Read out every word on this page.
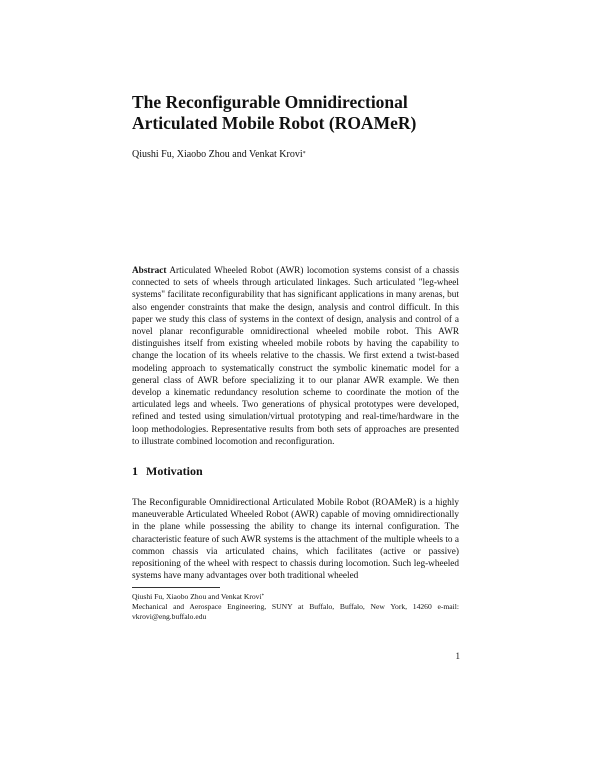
The Reconfigurable Omnidirectional
Articulated Mobile Robot (ROAMeR)
Qiushi Fu, Xiaobo Zhou and Venkat Krovi*

Abstract Articulated Wheeled Robot (AWR) locomotion systems consist of a chassis connected to sets of wheels through articulated linkages. Such articulated "leg-wheel systems" facilitate reconfigurability that has significant applications in many arenas, but also engender constraints that make the design, analysis and control difficult. In this paper we study this class of systems in the context of design, analysis and control of a novel planar reconfigurable omnidirectional wheeled mobile robot. This AWR distinguishes itself from existing wheeled mobile robots by having the capability to change the location of its wheels relative to the chassis. We first extend a twist-based modeling approach to systematically construct the symbolic kinematic model for a general class of AWR before specializing it to our planar AWR example. We then develop a kinematic redundancy resolution scheme to coordinate the motion of the articulated legs and wheels. Two generations of physical prototypes were developed, refined and tested using simulation/virtual prototyping and real-time/hardware in the loop methodologies. Representative results from both sets of approaches are presented to illustrate combined locomotion and reconfiguration.

1 Motivation

The Reconfigurable Omnidirectional Articulated Mobile Robot (ROAMeR) is a highly maneuverable Articulated Wheeled Robot (AWR) capable of moving omnidirectionally in the plane while possessing the ability to change its internal configuration. The characteristic feature of such AWR systems is the attachment of the multiple wheels to a common chassis via articulated chains, which facilitates (active or passive) repositioning of the wheel with respect to chassis during locomotion. Such leg-wheeled systems have many advantages over both traditional wheeled

Qiushi Fu, Xiaobo Zhou and Venkat Krovi*
Mechanical and Aerospace Engineering, SUNY at Buffalo, Buffalo, New York, 14260 e-mail: vkrovi@eng.buffalo.edu

1
